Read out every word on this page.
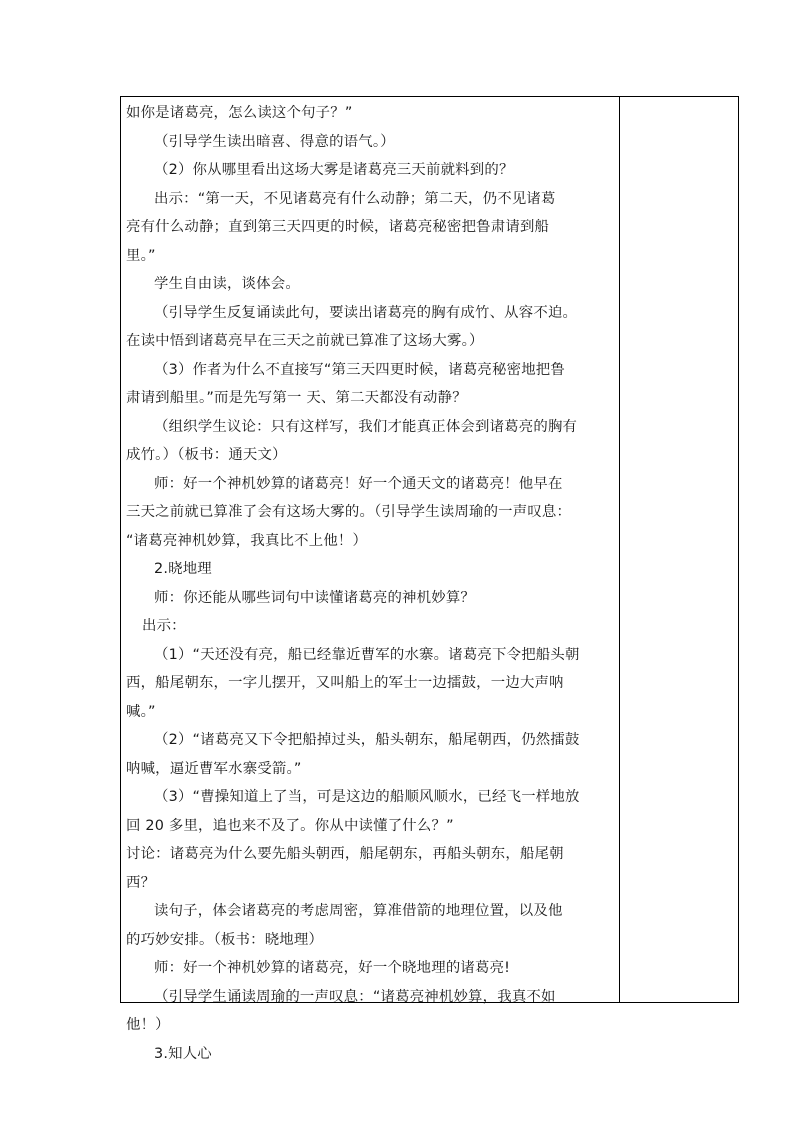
如你是诸葛亮，怎么读这个句子？”
（引导学生读出暗喜、得意的语气。）
（2）你从哪里看出这场大雾是诸葛亮三天前就料到的？
出示：“第一天，不见诸葛亮有什么动静；第二天，仍不见诸葛
亮有什么动静；直到第三天四更的时候，诸葛亮秘密把鲁肃请到船
里。”
学生自由读，谈体会。
（引导学生反复诵读此句，要读出诸葛亮的胸有成竹、从容不迫。
在读中悟到诸葛亮早在三天之前就已算准了这场大雾。）
（3）作者为什么不直接写“第三天四更时候，诸葛亮秘密地把鲁
肃请到船里。”而是先写第一 天、第二天都没有动静？
（组织学生议论：只有这样写，我们才能真正体会到诸葛亮的胸有
成竹。）（板书：通天文）
师：好一个神机妙算的诸葛亮！好一个通天文的诸葛亮！他早在
三天之前就已算准了会有这场大雾的。（引导学生读周瑜的一声叹息：
“诸葛亮神机妙算，我真比不上他！）
2.晓地理
师：你还能从哪些词句中读懂诸葛亮的神机妙算？
出示：
（1）“天还没有亮，船已经靠近曹军的水寨。诸葛亮下令把船头朝
西，船尾朝东，一字儿摆开，又叫船上的军士一边擂鼓，一边大声呐
喊。”
（2）“诸葛亮又下令把船掉过头，船头朝东，船尾朝西，仍然擂鼓
呐喊，逼近曹军水寨受箭。”
（3）“曹操知道上了当，可是这边的船顺风顺水，已经飞一样地放
回 20 多里，追也来不及了。你从中读懂了什么？”
讨论：诸葛亮为什么要先船头朝西，船尾朝东，再船头朝东，船尾朝
西？
读句子，体会诸葛亮的考虑周密，算准借箭的地理位置，以及他
的巧妙安排。（板书：晓地理）
师：好一个神机妙算的诸葛亮，好一个晓地理的诸葛亮!
（引导学生诵读周瑜的一声叹息：“诸葛亮神机妙算，我真不如
他！）
3.知人心
